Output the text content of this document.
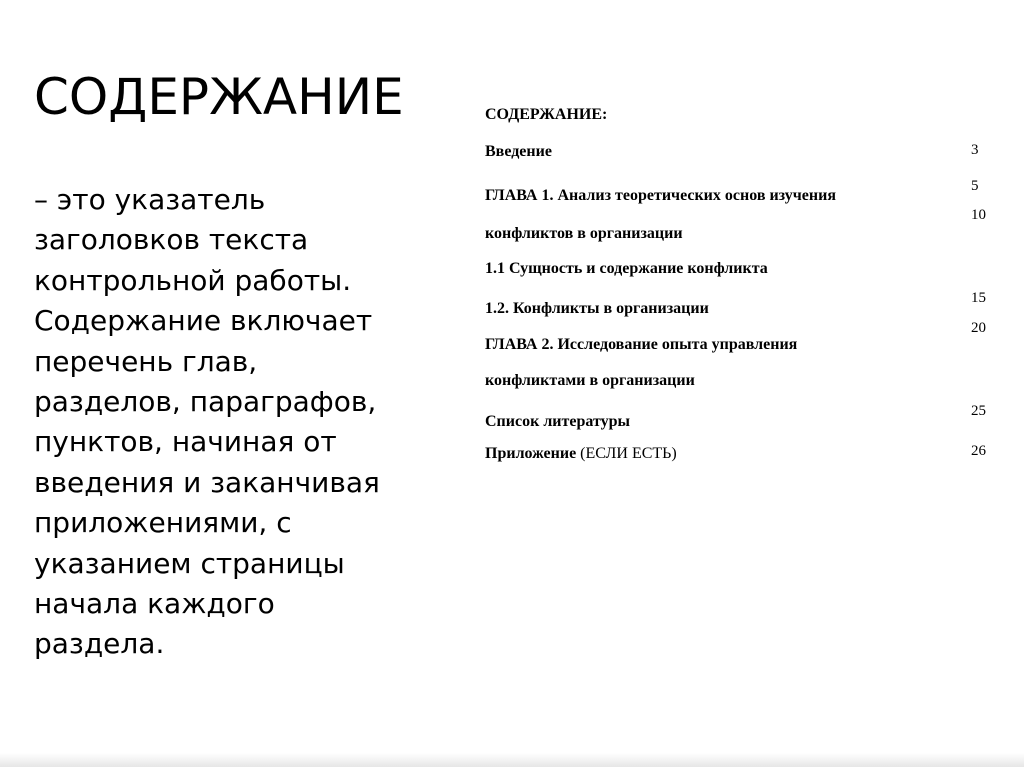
СОДЕРЖАНИЕ
– это указатель
заголовков текста
контрольной работы.
Содержание включает
перечень глав,
разделов, параграфов,
пунктов, начиная от
введения и заканчивая
приложениями, с
указанием страницы
начала каждого
раздела.
СОДЕРЖАНИЕ:
Введение
ГЛАВА 1. Анализ теоретических основ изучения
конфликтов в организации
1.1 Сущность и содержание конфликта
1.2. Конфликты в организации
ГЛАВА 2. Исследование опыта управления
конфликтами в организации
Список литературы
Приложение (ЕСЛИ ЕСТЬ)
3
5
10
15
20
25
26
